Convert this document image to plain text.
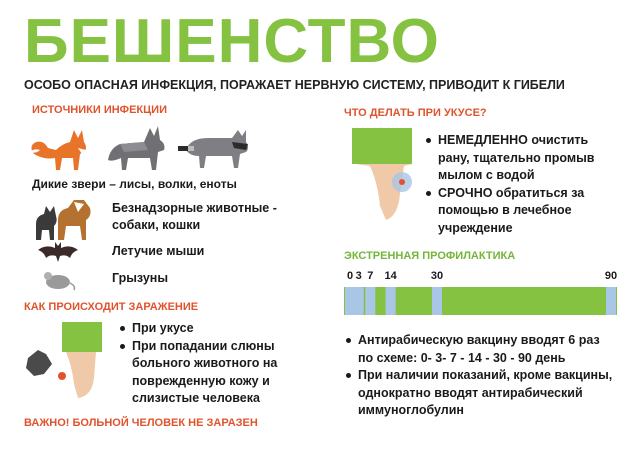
БЕШЕНСТВО

ОСОБО ОПАСНАЯ ИНФЕКЦИЯ, ПОРАЖАЕТ НЕРВНУЮ СИСТЕМУ, ПРИВОДИТ К ГИБЕЛИ

ИСТОЧНИКИ ИНФЕКЦИИ

Дикие звери – лисы, волки, еноты

Безнадзорные животные - собаки, кошки

Летучие мыши

Грызуны

КАК ПРОИСХОДИТ ЗАРАЖЕНИЕ

При укусе
При попадании слюны больного животного на поврежденную кожу и слизистые человека

ВАЖНО! БОЛЬНОЙ ЧЕЛОВЕК НЕ ЗАРАЗЕН

ЧТО ДЕЛАТЬ ПРИ УКУСЕ?

НЕМЕДЛЕННО очистить рану, тщательно промыв мылом с водой
СРОЧНО обратиться за помощью в лечебное учреждение

ЭКСТРЕННАЯ ПРОФИЛАКТИКА

0 3 7	14	30	90
Антирабическую вакцину вводят 6 раз по схеме: 0- 3- 7 - 14 - 30 - 90 день
При наличии показаний, кроме вакцины, однократно вводят антирабический иммуноглобулин
